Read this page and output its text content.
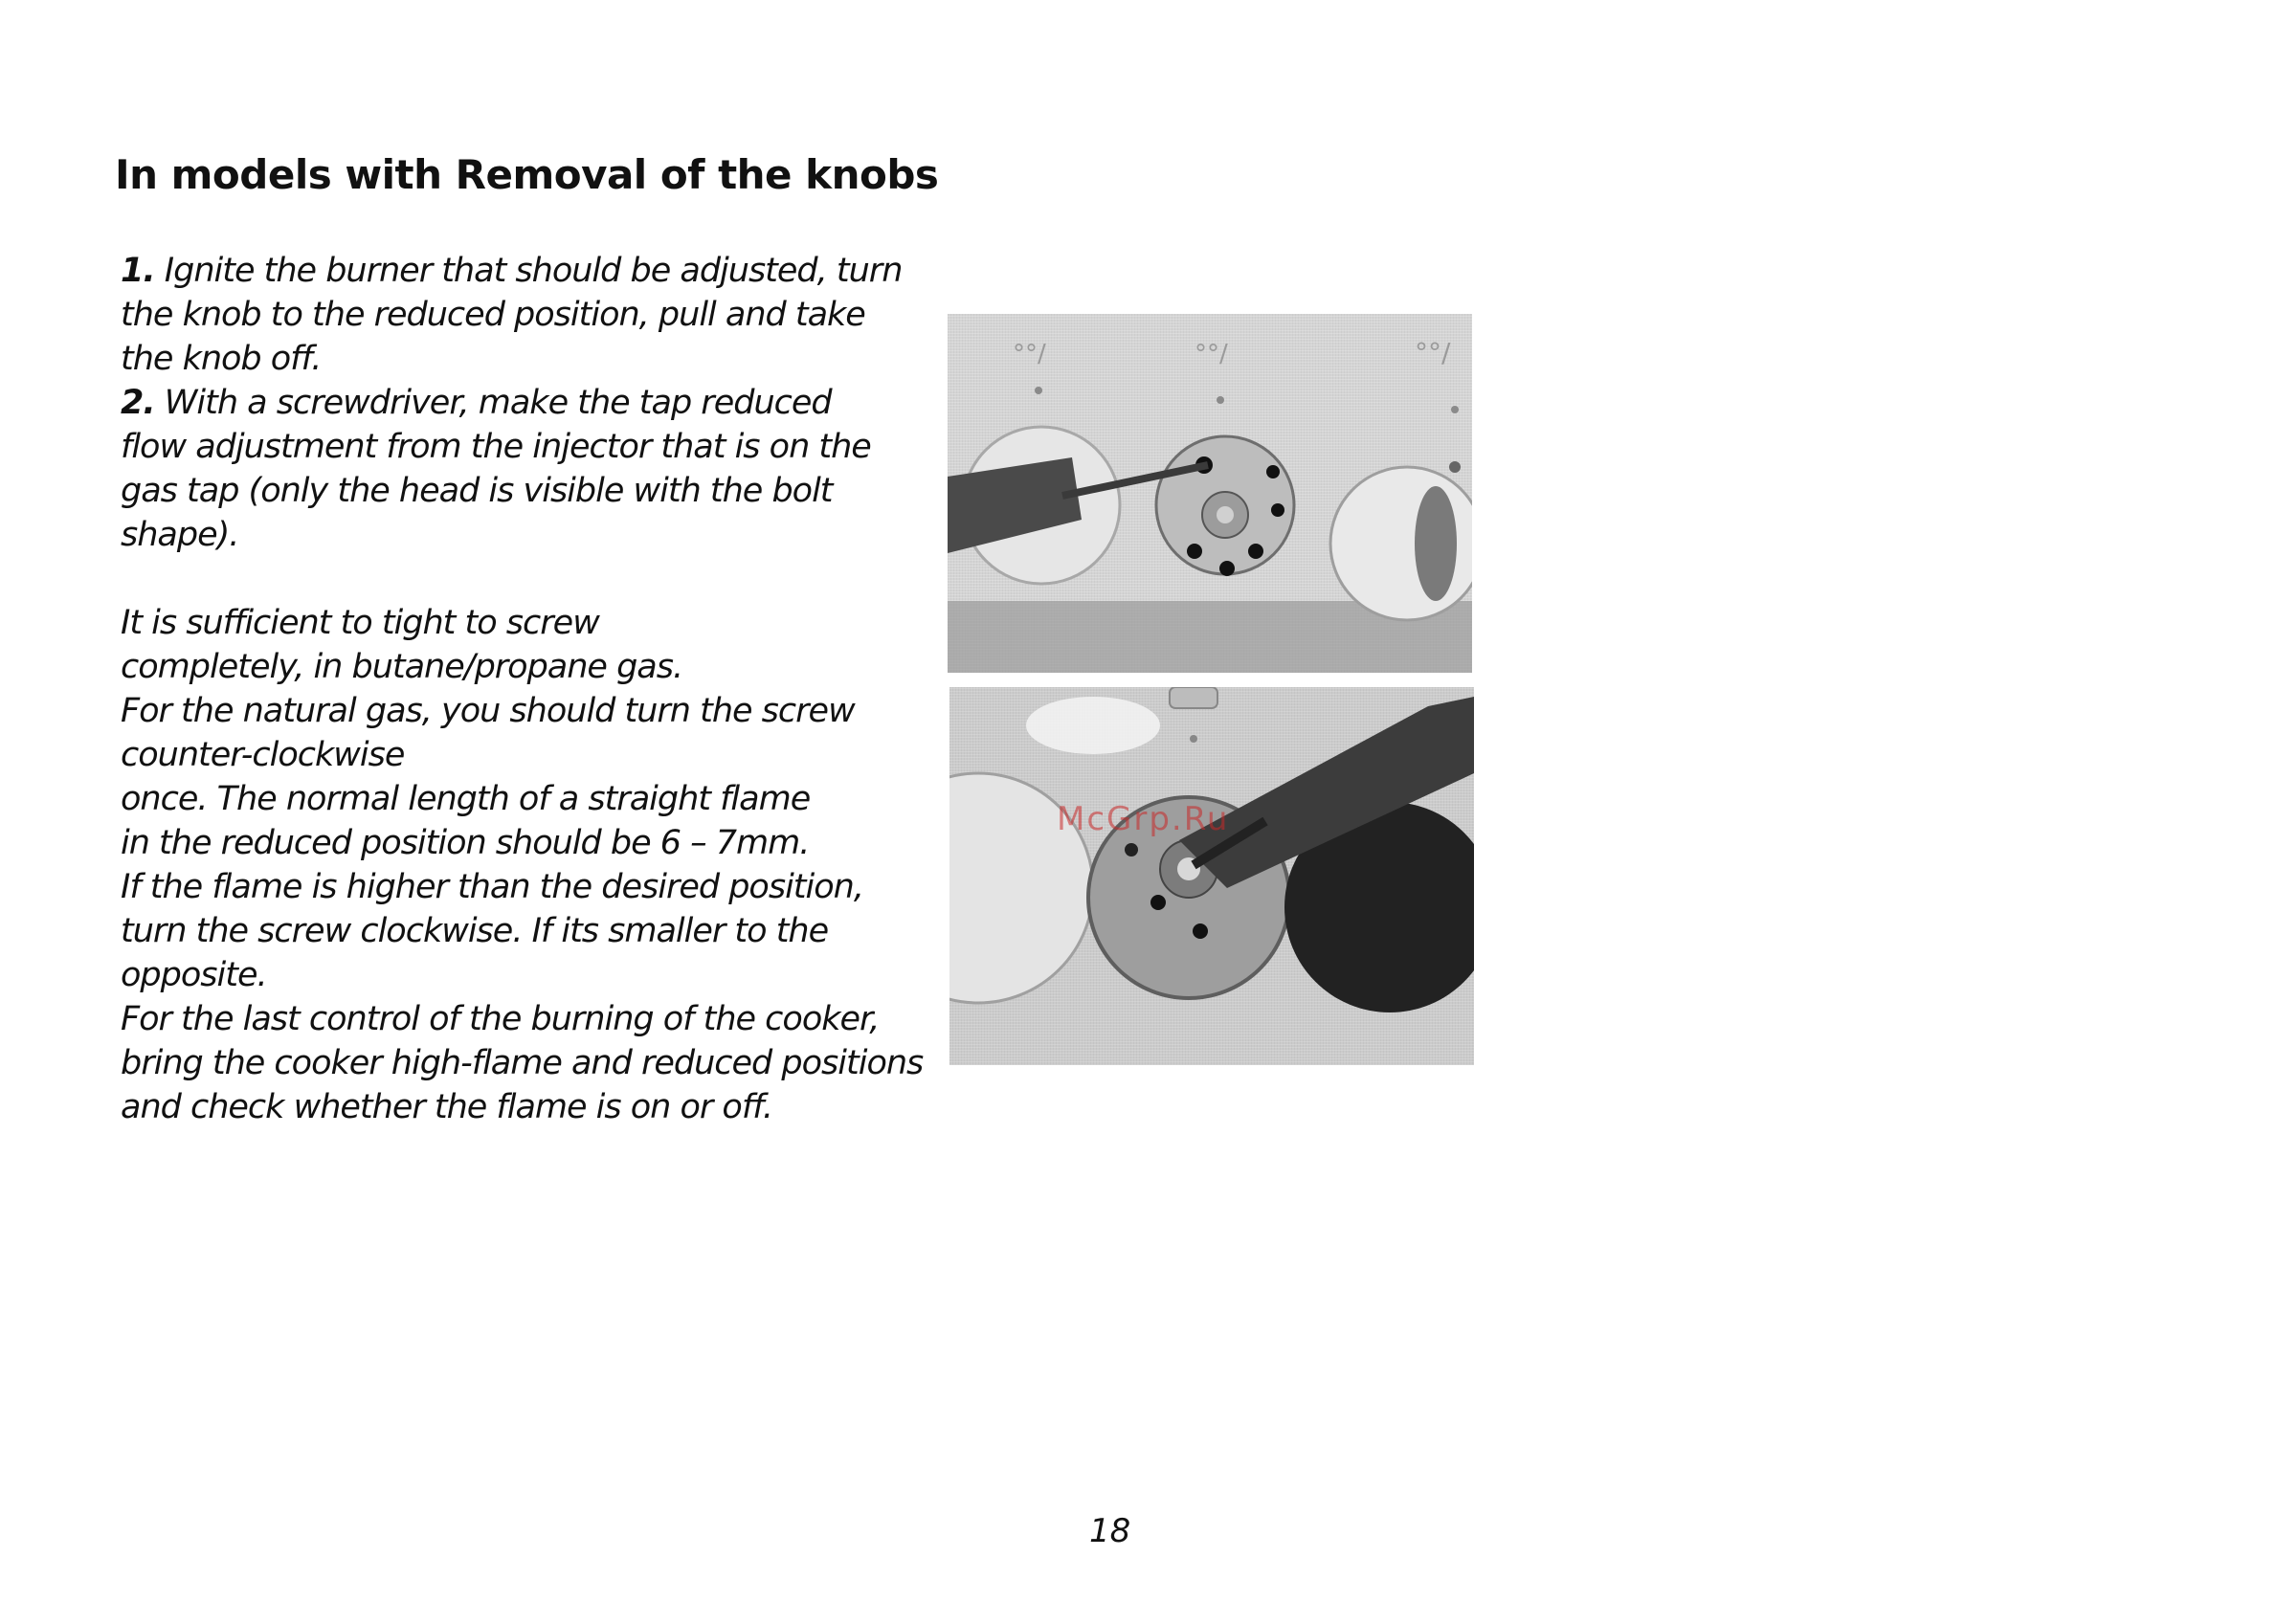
In models with Removal of the knobs
1. Ignite the burner that should be adjusted, turn
the knob to the reduced position, pull and take
the knob off.
2. With a screwdriver, make the tap reduced
flow adjustment from the injector that is on the
gas tap (only the head is visible with the bolt
shape).
It is sufficient to tight to screw
completely, in butane/propane gas.
For the natural gas, you should turn the screw
counter-clockwise
once. The normal length of a straight flame
in the reduced position should be 6 – 7mm.
If the flame is higher than the desired position,
turn the screw clockwise. If its smaller to the
opposite.
For the last control of the burning of the cooker,
bring the cooker high-flame and reduced positions
and check whether the flame is on or off.
°°/	°°/	°°/
McGrp.Ru
18
